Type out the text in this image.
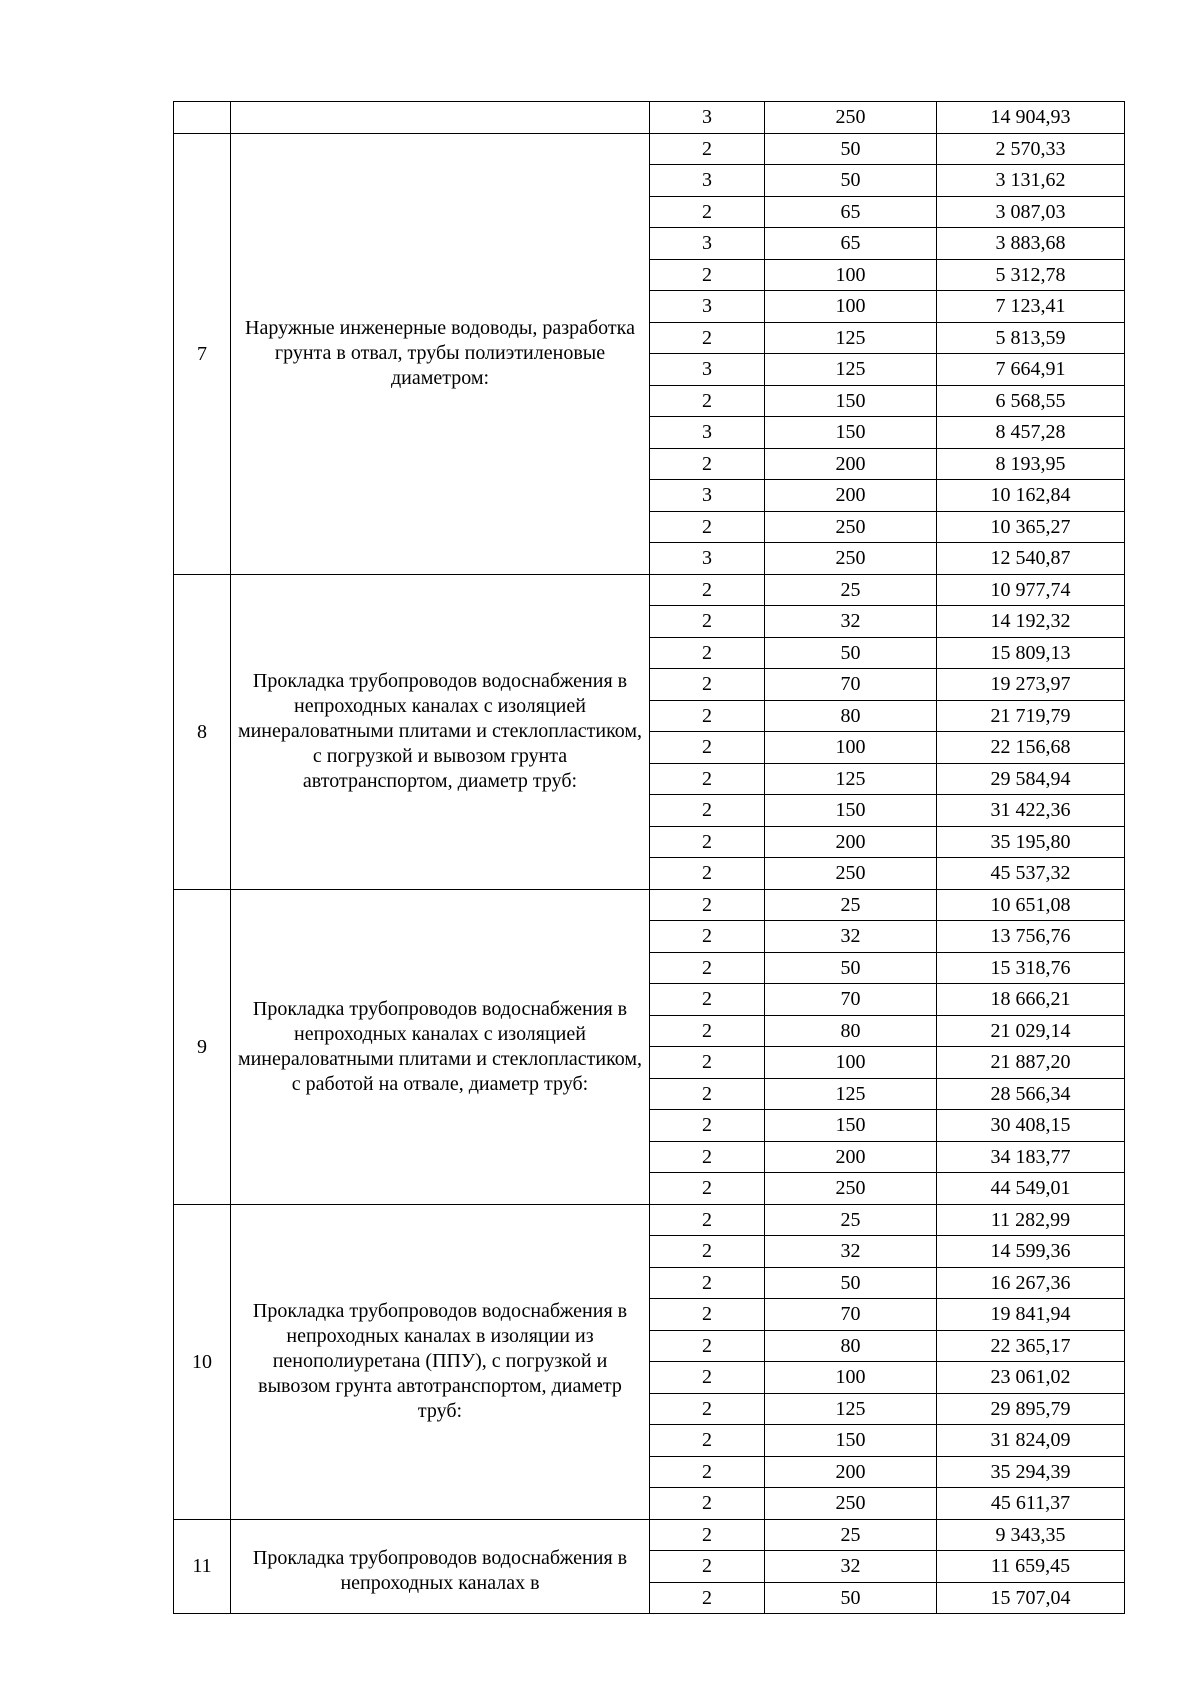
		3	250	14 904,93
7	Наружные инженерные водоводы, разработка грунта в отвал, трубы полиэтиленовые диаметром:	2	50	2 570,33
		3	50	3 131,62
		2	65	3 087,03
		3	65	3 883,68
		2	100	5 312,78
		3	100	7 123,41
		2	125	5 813,59
		3	125	7 664,91
		2	150	6 568,55
		3	150	8 457,28
		2	200	8 193,95
		3	200	10 162,84
		2	250	10 365,27
		3	250	12 540,87
8	Прокладка трубопроводов водоснабжения в непроходных каналах с изоляцией минераловатными плитами и стеклопластиком, с погрузкой и вывозом грунта автотранспортом, диаметр труб:	2	25	10 977,74
		2	32	14 192,32
		2	50	15 809,13
		2	70	19 273,97
		2	80	21 719,79
		2	100	22 156,68
		2	125	29 584,94
		2	150	31 422,36
		2	200	35 195,80
		2	250	45 537,32
9	Прокладка трубопроводов водоснабжения в непроходных каналах с изоляцией минераловатными плитами и стеклопластиком, с работой на отвале, диаметр труб:	2	25	10 651,08
		2	32	13 756,76
		2	50	15 318,76
		2	70	18 666,21
		2	80	21 029,14
		2	100	21 887,20
		2	125	28 566,34
		2	150	30 408,15
		2	200	34 183,77
		2	250	44 549,01
10	Прокладка трубопроводов водоснабжения в непроходных каналах в изоляции из пенополиуретана (ППУ), с погрузкой и вывозом грунта автотранспортом, диаметр труб:	2	25	11 282,99
		2	32	14 599,36
		2	50	16 267,36
		2	70	19 841,94
		2	80	22 365,17
		2	100	23 061,02
		2	125	29 895,79
		2	150	31 824,09
		2	200	35 294,39
		2	250	45 611,37
11	Прокладка трубопроводов водоснабжения в непроходных каналах в	2	25	9 343,35
		2	32	11 659,45
		2	50	15 707,04
